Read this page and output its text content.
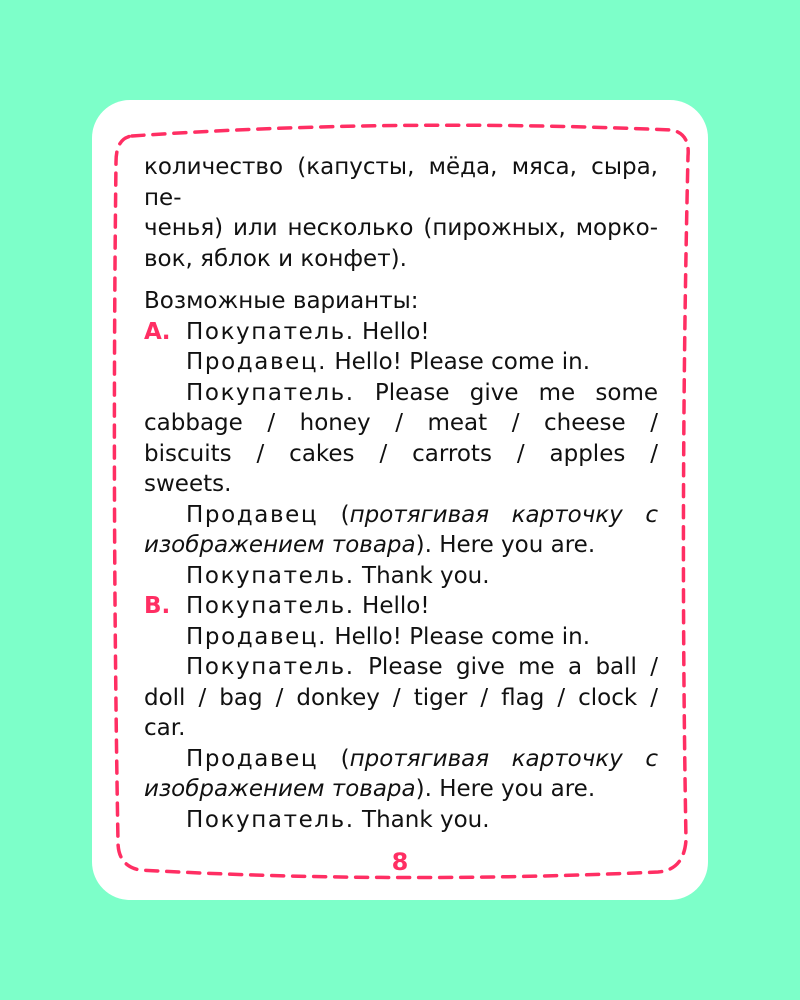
количество (капусты, мёда, мяса, сыра, пе-
ченья) или несколько (пирожных, морко-
вок, яблок и конфет).
Возможные варианты:
А. Покупатель. Hello!
Продавец. Hello! Please come in.
Покупатель. Please give me some
cabbage / honey / meat / cheese /
biscuits / cakes / carrots / apples /
sweets.
Продавец (протягивая карточку с
изображением товара). Here you are.
Покупатель. Thank you.
В. Покупатель. Hello!
Продавец. Hello! Please come in.
Покупатель. Please give me a ball /
doll / bag / donkey / tiger / flag / clock /
car.
Продавец (протягивая карточку с
изображением товара). Here you are.
Покупатель. Thank you.
8
